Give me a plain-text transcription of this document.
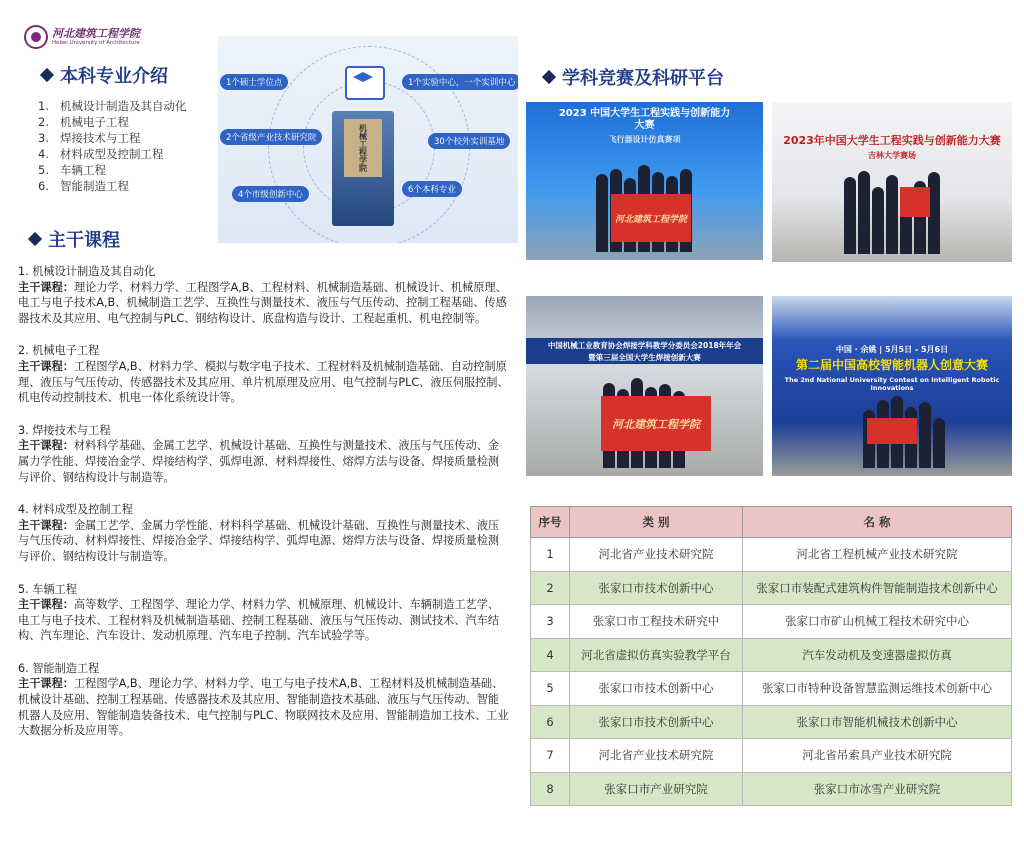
河北建筑工程学院
Hebei University of Architecture
本科专业介绍
1. 机械设计制造及其自动化
2. 机械电子工程
3. 焊接技术与工程
4. 材料成型及控制工程
5. 车辆工程
6. 智能制造工程
机械工程学院
1个硕士学位点	1个实验中心，一个实训中心
2个省级产业技术研究院	30个校外实训基地
4个市级创新中心	6个本科专业
主干课程
1. 机械设计制造及其自动化
主干课程：理论力学、材料力学、工程图学A,B、工程材料、机械制造基础、机械设计、机械原理、电工与电子技术A,B、机械制造工艺学、互换性与测量技术、液压与气压传动、控制工程基础、传感器技术及其应用、电气控制与PLC、钢结构设计、底盘构造与设计、工程起重机、机电控制等。
2. 机械电子工程
主干课程：工程图学A,B、材料力学、模拟与数字电子技术、工程材料及机械制造基础、自动控制原理、液压与气压传动、传感器技术及其应用、单片机原理及应用、电气控制与PLC、液压伺服控制、机电传动控制技术、机电一体化系统设计等。
3. 焊接技术与工程
主干课程：材料科学基础、金属工艺学、机械设计基础、互换性与测量技术、液压与气压传动、金属力学性能、焊接冶金学、焊接结构学、弧焊电源、材料焊接性、熔焊方法与设备、焊接质量检测与评价、钢结构设计与制造等。
4. 材料成型及控制工程
主干课程：金属工艺学、金属力学性能、材料科学基础、机械设计基础、互换性与测量技术、液压与气压传动、材料焊接性、焊接冶金学、焊接结构学、弧焊电源、熔焊方法与设备、焊接质量检测与评价、钢结构设计与制造等。
5. 车辆工程
主干课程：高等数学、工程图学、理论力学、材料力学、机械原理、机械设计、车辆制造工艺学、电工与电子技术、工程材料及机械制造基础、控制工程基础、液压与气压传动、测试技术、汽车结构、汽车理论、汽车设计、发动机原理、汽车电子控制、汽车试验学等。
6. 智能制造工程
主干课程：工程图学A,B、理论力学、材料力学、电工与电子技术A,B、工程材料及机械制造基础、机械设计基础、控制工程基础、传感器技术及其应用、智能制造技术基础、液压与气压传动、智能机器人及应用、智能制造装备技术、电气控制与PLC、物联网技术及应用、智能制造加工技术、工业大数据分析及应用等。
学科竞赛及科研平台
2023 中国大学生工程实践与创新能力大赛
飞行器设计仿真赛项
河北建筑工程学院
2023年中国大学生工程实践与创新能力大赛
吉林大学赛场
中国机械工业教育协会焊接学科教学分委员会2018年年会
暨第三届全国大学生焊接创新大赛
河北建筑工程学院
中国 · 余姚 | 5月5日 - 5月6日
第二届中国高校智能机器人创意大赛
The 2nd National University Contest on Intelligent Robotic Innovations
序号	类 别	名 称
1	河北省产业技术研究院	河北省工程机械产业技术研究院
2	张家口市技术创新中心	张家口市装配式建筑构件智能制造技术创新中心
3	张家口市工程技术研究中	张家口市矿山机械工程技术研究中心
4	河北省虚拟仿真实验教学平台	汽车发动机及变速器虚拟仿真
5	张家口市技术创新中心	张家口市特种设备智慧监测运维技术创新中心
6	张家口市技术创新中心	张家口市智能机械技术创新中心
7	河北省产业技术研究院	河北省吊索具产业技术研究院
8	张家口市产业研究院	张家口市冰雪产业研究院
